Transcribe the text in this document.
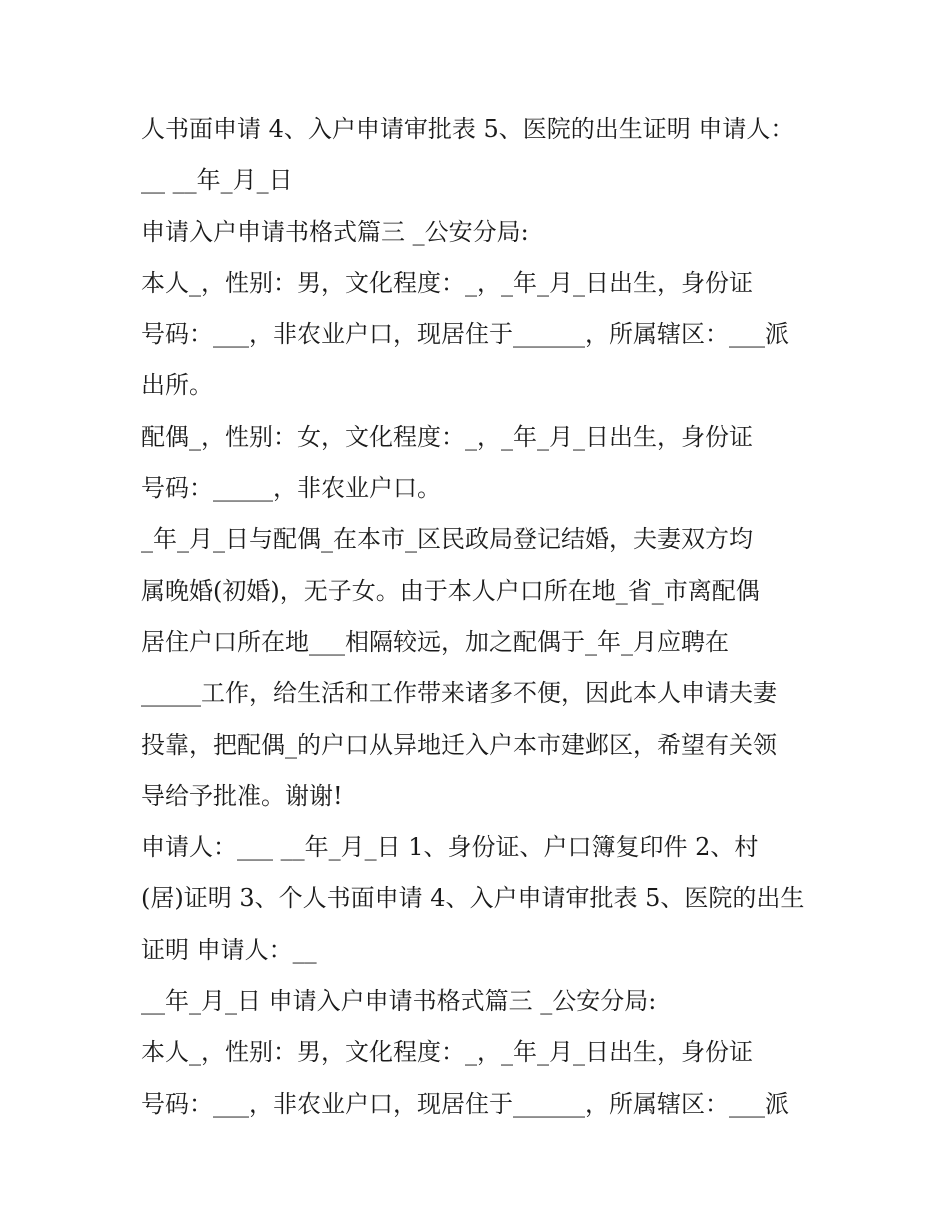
人书面申请 4、入户申请审批表 5、医院的出生证明 申请人：
__ __年_月_日
申请入户申请书格式篇三 _公安分局:
本人_，性别：男，文化程度：_，_年_月_日出生，身份证
号码：___，非农业户口，现居住于______，所属辖区：___派
出所。
配偶_，性别：女，文化程度：_，_年_月_日出生，身份证
号码：_____，非农业户口。
_年_月_日与配偶_在本市_区民政局登记结婚，夫妻双方均
属晚婚(初婚)，无子女。由于本人户口所在地_省_市离配偶
居住户口所在地___相隔较远，加之配偶于_年_月应聘在
_____工作，给生活和工作带来诸多不便，因此本人申请夫妻
投靠，把配偶_的户口从异地迁入户本市建邺区，希望有关领
导给予批准。谢谢!
申请人：___ __年_月_日 1、身份证、户口簿复印件 2、村
(居)证明 3、个人书面申请 4、入户申请审批表 5、医院的出生
证明 申请人：__
__年_月_日 申请入户申请书格式篇三 _公安分局:
本人_，性别：男，文化程度：_，_年_月_日出生，身份证
号码：___，非农业户口，现居住于______，所属辖区：___派
